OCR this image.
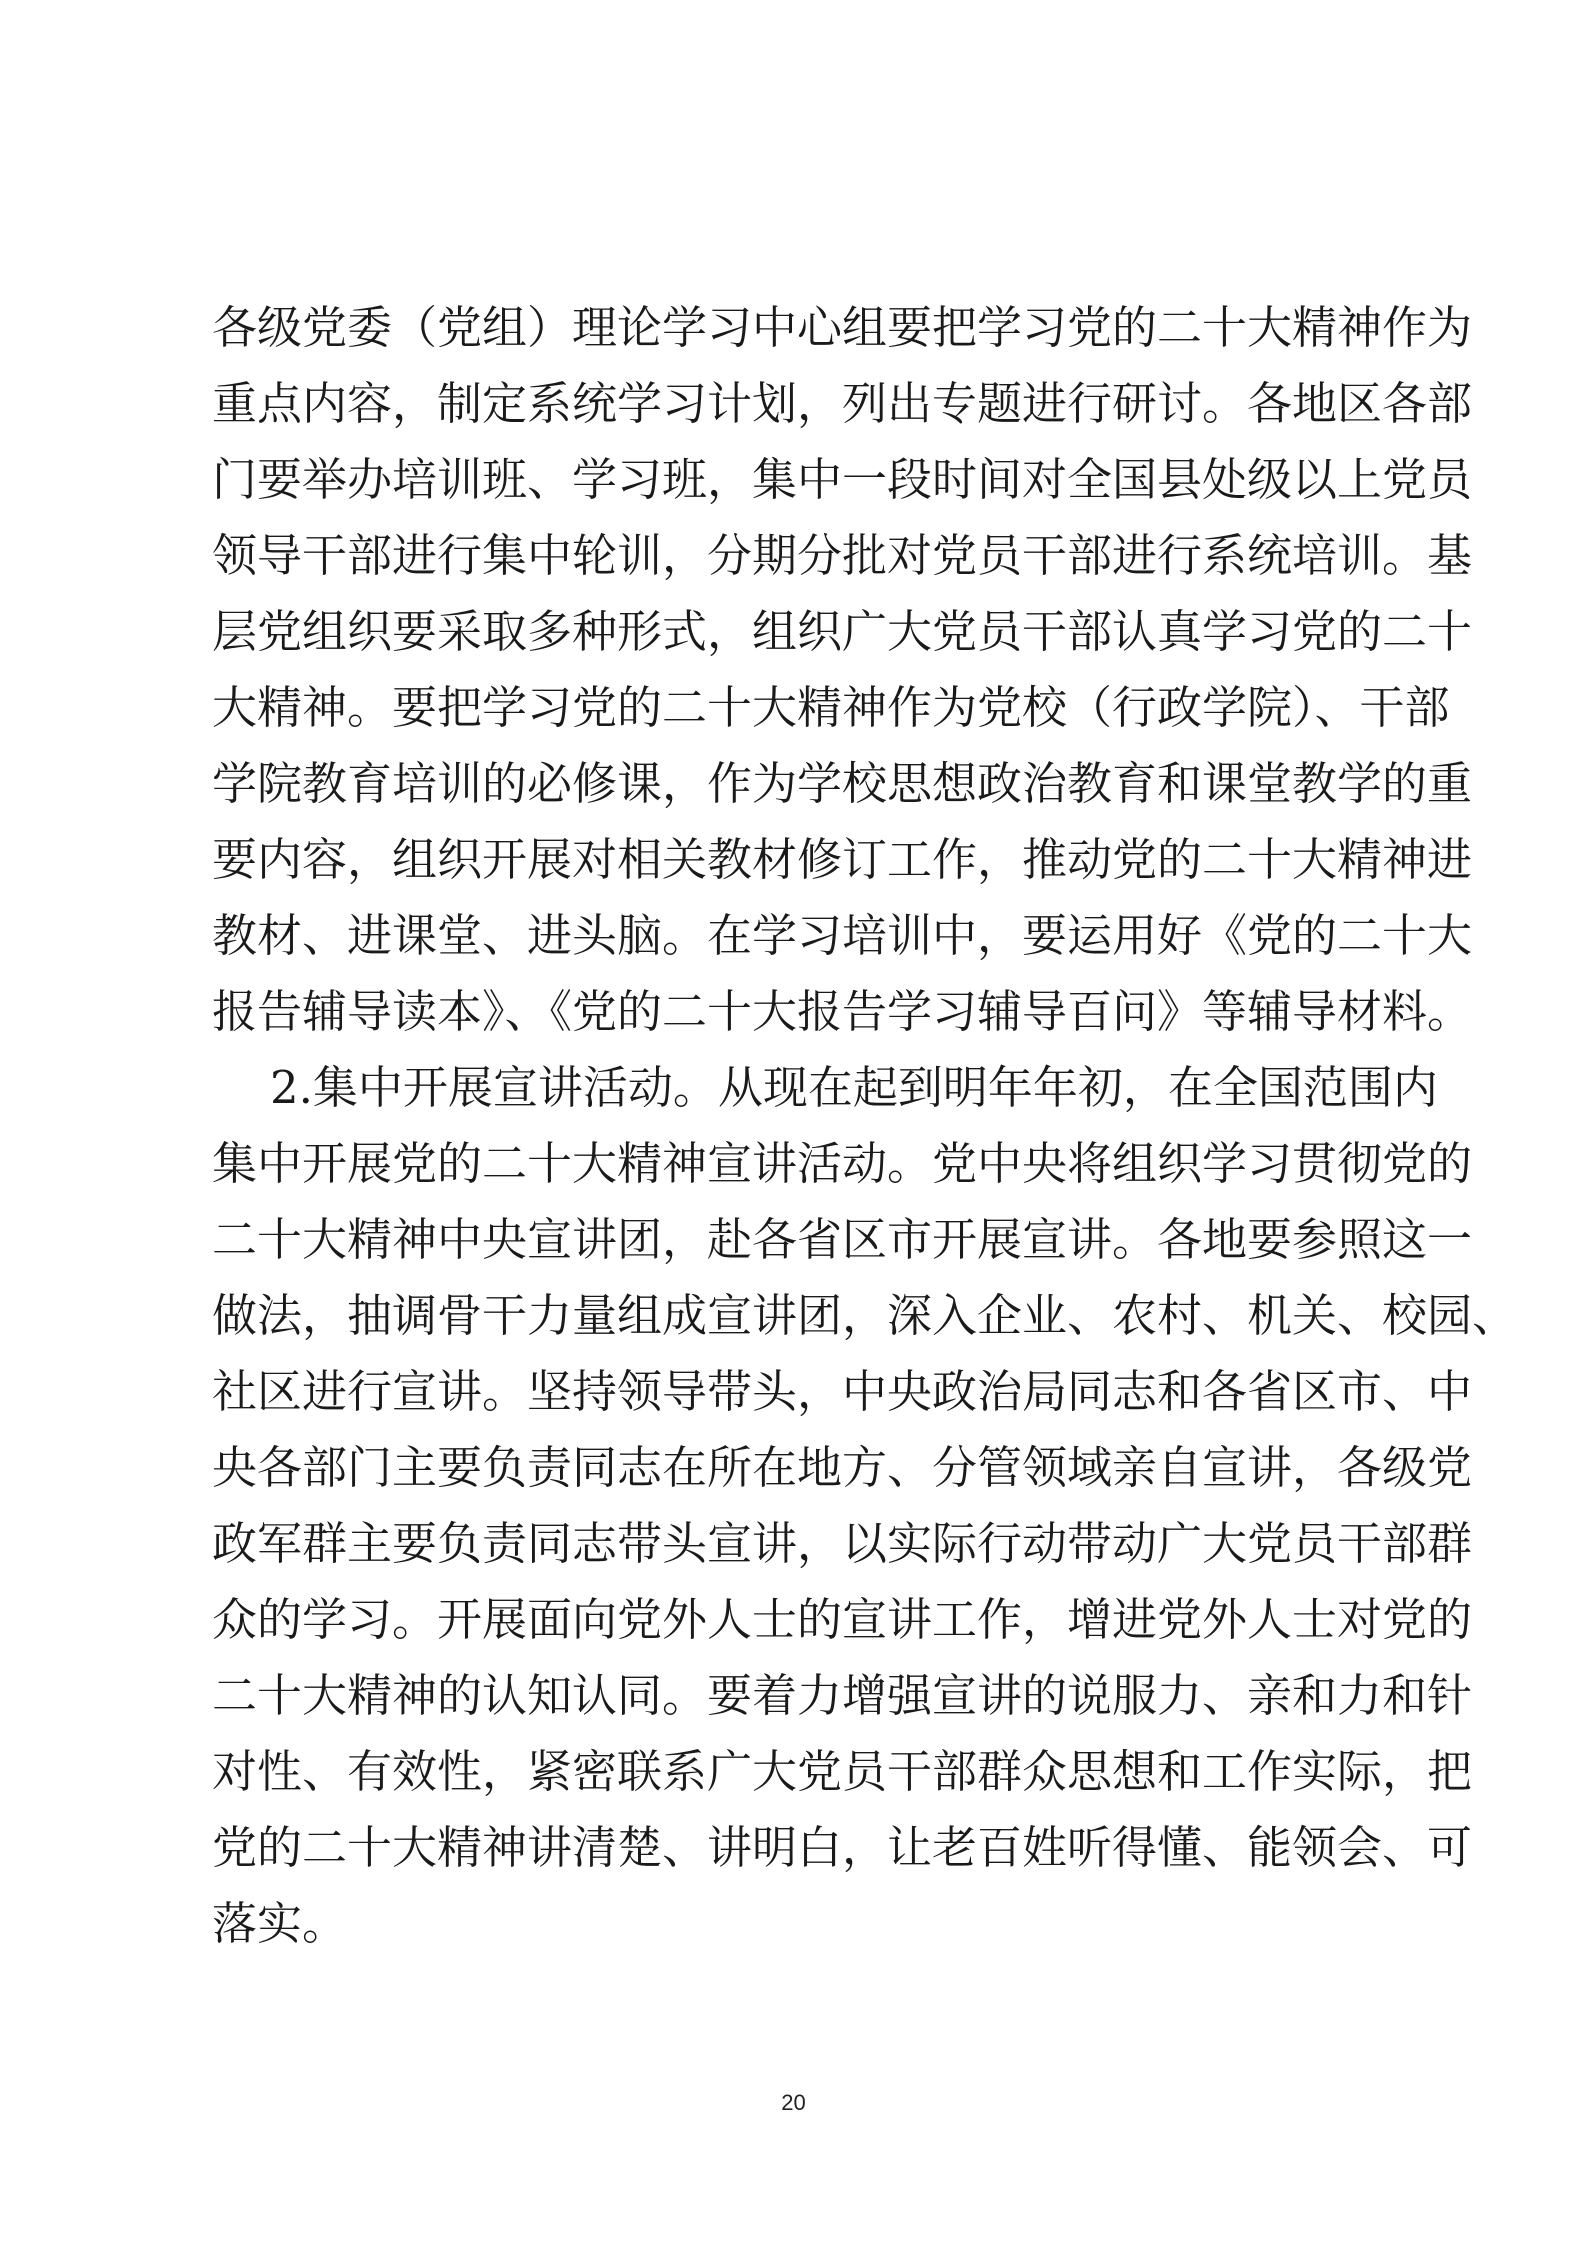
各级党委（党组）理论学习中心组要把学习党的二十大精神作为
重点内容，制定系统学习计划，列出专题进行研讨。各地区各部
门要举办培训班、学习班，集中一段时间对全国县处级以上党员
领导干部进行集中轮训，分期分批对党员干部进行系统培训。基
层党组织要采取多种形式，组织广大党员干部认真学习党的二十
大精神。要把学习党的二十大精神作为党校（行政学院）、干部
学院教育培训的必修课，作为学校思想政治教育和课堂教学的重
要内容，组织开展对相关教材修订工作，推动党的二十大精神进
教材、进课堂、进头脑。在学习培训中，要运用好《党的二十大
报告辅导读本》、《党的二十大报告学习辅导百问》等辅导材料。
2.集中开展宣讲活动。从现在起到明年年初，在全国范围内
集中开展党的二十大精神宣讲活动。党中央将组织学习贯彻党的
二十大精神中央宣讲团，赴各省区市开展宣讲。各地要参照这一
做法，抽调骨干力量组成宣讲团，深入企业、农村、机关、校园、
社区进行宣讲。坚持领导带头，中央政治局同志和各省区市、中
央各部门主要负责同志在所在地方、分管领域亲自宣讲，各级党
政军群主要负责同志带头宣讲，以实际行动带动广大党员干部群
众的学习。开展面向党外人士的宣讲工作，增进党外人士对党的
二十大精神的认知认同。要着力增强宣讲的说服力、亲和力和针
对性、有效性，紧密联系广大党员干部群众思想和工作实际，把
党的二十大精神讲清楚、讲明白，让老百姓听得懂、能领会、可
落实。
20
